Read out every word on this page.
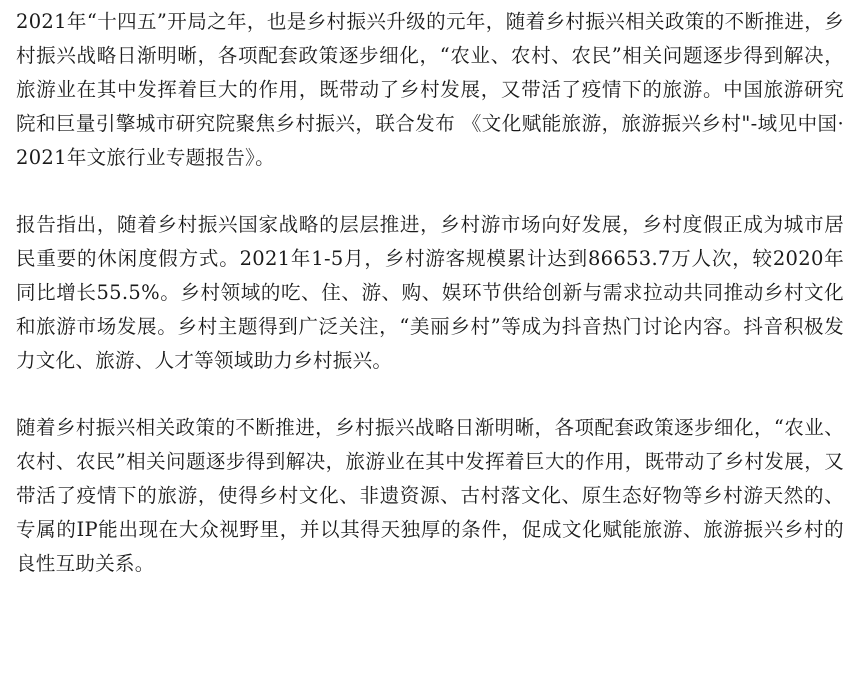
2021年“十四五”开局之年，也是乡村振兴升级的元年，随着乡村振兴相关政策的不断推进，乡村振兴战略日渐明晰，各项配套政策逐步细化，“农业、农村、农民”相关问题逐步得到解决，旅游业在其中发挥着巨大的作用，既带动了乡村发展，又带活了疫情下的旅游。中国旅游研究院和巨量引擎城市研究院聚焦乡村振兴，联合发布 《文化赋能旅游，旅游振兴乡村"-域见中国·2021年文旅行业专题报告》。

报告指出，随着乡村振兴国家战略的层层推进，乡村游市场向好发展，乡村度假正成为城市居民重要的休闲度假方式。2021年1-5月，乡村游客规模累计达到86653.7万人次，较2020年同比增长55.5%。乡村领域的吃、住、游、购、娱环节供给创新与需求拉动共同推动乡村文化和旅游市场发展。乡村主题得到广泛关注，“美丽乡村”等成为抖音热门讨论内容。抖音积极发力文化、旅游、人才等领域助力乡村振兴。

随着乡村振兴相关政策的不断推进，乡村振兴战略日渐明晰，各项配套政策逐步细化，“农业、农村、农民”相关问题逐步得到解决，旅游业在其中发挥着巨大的作用，既带动了乡村发展，又带活了疫情下的旅游，使得乡村文化、非遗资源、古村落文化、原生态好物等乡村游天然的、专属的IP能出现在大众视野里，并以其得天独厚的条件，促成文化赋能旅游、旅游振兴乡村的良性互助关系。
